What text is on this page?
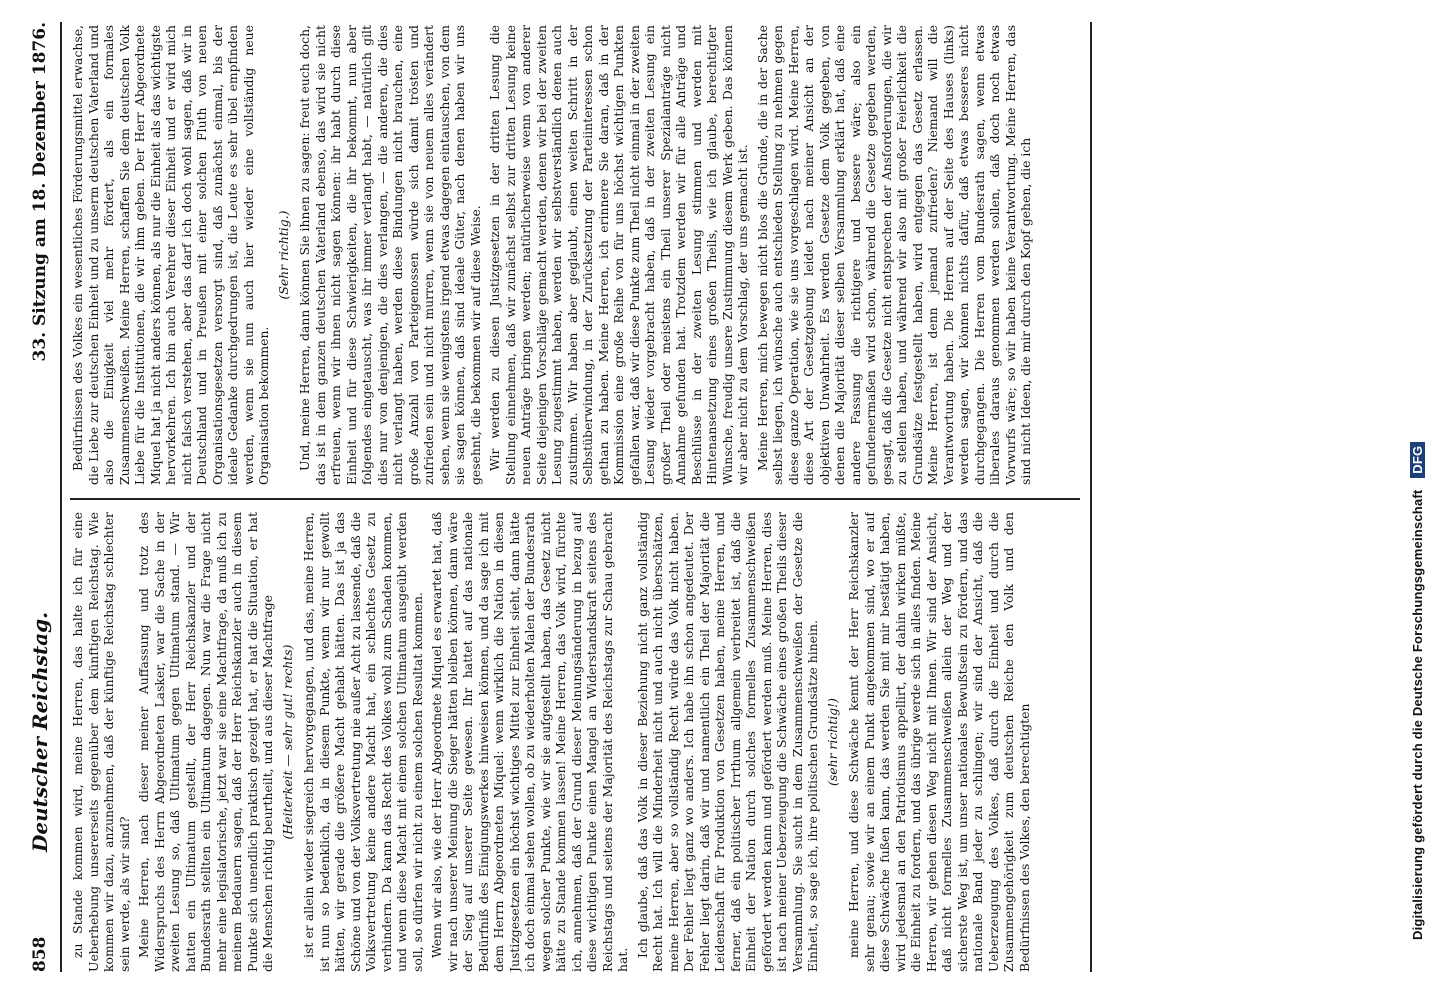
858
Deutscher Reichstag.
33. Sitzung am 18. Dezember 1876.

zu Stande kommen wird, meine Herren, das halte ich für eine Ueberhebung unsererseits gegenüber dem künftigen Reichstag. Wie kommen wir dazu, anzunehmen, daß der künftige Reichstag schlechter sein werde, als wir sind? Meine Herren, nach dieser meiner Auffassung und trotz des Widerspruchs des Herrn Abgeordneten Lasker, war die Sache in der zweiten Lesung so, daß Ultimatum gegen Ultimatum stand. — Wir hatten ein Ultimatum gestellt, der Herr Reichskanzler und der Bundesrath stellten ein Ultimatum dagegen. Nun war die Frage nicht mehr eine legislatorische, jetzt war sie eine Machtfrage, da muß ich zu meinem Bedauern sagen, daß der Herr Reichskanzler auch in diesem Punkte sich unendlich praktisch gezeigt hat, er hat die Situation, er hat die Menschen richtig beurtheilt, und aus dieser Machtfrage (Heiterkeit — sehr gut! rechts) ist er allein wieder siegreich hervorgegangen, und das, meine Herren, ist nun so bedenklich, da in diesem Punkte, wenn wir nur gewollt hätten, wir gerade die größere Macht gehabt hätten. Das ist ja das Schöne und von der Volksvertretung nie außer Acht zu lassende, daß die Volksvertretung keine andere Macht hat, ein schlechtes Gesetz zu verhindern. Da kann das Recht des Volkes wohl zum Schaden kommen, und wenn diese Macht mit einem solchen Ultimatum ausgeübt werden soll, so dürfen wir nicht zu einem solchen Resultat kommen. Wenn wir also, wie der Herr Abgeordnete Miquel es erwartet hat, daß wir nach unserer Meinung die Sieger hätten bleiben können, dann wäre der Sieg auf unserer Seite gewesen. Ihr hattet auf das nationale Bedürfniß des Einigungswerkes hinweisen können, und da sage ich mit dem Herrn Abgeordneten Miquel: wenn wirklich die Nation in diesen Justizgesetzen ein höchst wichtiges Mittel zur Einheit sieht, dann hätte ich doch einmal sehen wollen, ob zu wiederholten Malen der Bundesrath wegen solcher Punkte, wie wir sie aufgestellt haben, das Gesetz nicht hätte zu Stande kommen lassen! Meine Herren, das Volk wird, fürchte ich, annehmen, daß der Grund dieser Meinungsänderung in bezug auf diese wichtigen Punkte einen Mangel an Widerstandskraft seitens des Reichstags und seitens der Majorität des Reichstags zur Schau gebracht hat.

Ich glaube, daß das Volk in dieser Beziehung nicht ganz vollständig Recht hat. Ich will die Minderheit nicht und auch nicht überschätzen, meine Herren, aber so vollständig Recht würde das Volk nicht haben. Der Fehler liegt ganz wo anders. Ich habe ihn schon angedeutet. Der Fehler liegt darin, daß wir und namentlich ein Theil der Majorität die Leidenschaft für Produktion von Gesetzen haben, meine Herren, und ferner, daß ein politischer Irrthum allgemein verbreitet ist, daß die Einheit der Nation durch solches formelles Zusammenschweißen gefördert werden kann und gefördert werden muß. Meine Herren, dies ist nach meiner Ueberzeugung die Schwäche eines großen Theils dieser Versammlung. Sie sucht in dem Zusammenschweißen der Gesetze die Einheit, so sage ich, ihre politischen Grundsätze hinein. (sehr richtig!) meine Herren, und diese Schwäche kennt der Herr Reichskanzler sehr genau; sowie wir an einem Punkt angekommen sind, wo er auf diese Schwäche fußen kann, das werden Sie mit mir bestätigt haben, wird jedesmal an den Patriotismus appellirt, der dahin wirken müßte, die Einheit zu fordern, und das übrige werde sich in alles finden. Meine Herren, wir gehen diesen Weg nicht mit Ihnen. Wir sind der Ansicht, daß nicht formelles Zusammenschweißen allein der Weg und der sicherste Weg ist, um unser nationales Bewußtsein zu fördern, und das nationale Band jeder zu schlingen; wir sind der Ansicht, daß die Ueberzeugung des Volkes, daß durch die Einheit und durch die Zusammengehörigkeit zum deutschen Reiche den Volk und den Bedürfnissen des Volkes, den berechtigten

Bedürfnissen des Volkes ein wesentliches Förderungsmittel erwachse, die Liebe zur deutschen Einheit und zu unserm deutschen Vaterland und also die Einigkeit viel mehr fördert, als ein formales Zusammenschweißen. Meine Herren, schaffen Sie dem deutschen Volk Liebe für die Institutionen, die wir ihm geben. Der Herr Abgeordnete Miquel hat ja nicht anders können, als nur die Einheit als das wichtigste hervorkehren. Ich bin auch Verehrer dieser Einheit und er wird mich nicht falsch verstehen, aber das darf ich doch wohl sagen, daß wir in Deutschland und in Preußen mit einer solchen Fluth von neuen Organisationsgesetzen versorgt sind, daß zunächst einmal, bis der ideale Gedanke durchgedrungen ist, die Leute es sehr übel empfinden werden, wenn sie nun auch hier wieder eine vollständig neue Organisation bekommen.

(Sehr richtig.) Und, meine Herren, dann können Sie ihnen zu sagen: freut euch doch, das ist in dem ganzen deutschen Vaterland ebenso, das wird sie nicht erfreuen, wenn wir ihnen nicht sagen können: ihr habt durch diese Einheit und für diese Schwierigkeiten, die ihr bekommt, nun aber folgendes eingetauscht, was ihr immer verlangt habt, — natürlich gilt dies nur von denjenigen, die dies verlangen, — die anderen, die dies nicht verlangt haben, werden diese Bindungen nicht brauchen, eine große Anzahl von Parteigenossen würde sich damit trösten und zufrieden sein und nicht murren, wenn sie von neuem alles verändert sehen, wenn sie wenigstens irgend etwas dagegen eintauschen, von dem sie sagen können, daß sind ideale Güter, nach denen haben wir uns gesehnt, die bekommen wir auf diese Weise. Wir werden zu diesen Justizgesetzen in der dritten Lesung die Stellung einnehmen, daß wir zunächst selbst zur dritten Lesung keine neuen Anträge bringen werden; natürlicherweise wenn von anderer Seite diejenigen Vorschläge gemacht werden, denen wir bei der zweiten Lesung zugestimmt haben, werden wir selbstverständlich denen auch zustimmen. Wir haben aber geglaubt, einen weiten Schritt in der Selbstüberwindung, in der Zurücksetzung der Parteiinteressen schon gethan zu haben. Meine Herren, ich erinnere Sie daran, daß in der Kommission eine große Reihe von für uns höchst wichtigen Punkten gefallen war, daß wir diese Punkte zum Theil nicht einmal in der zweiten Lesung wieder vorgebracht haben, daß in der zweiten Lesung ein großer Theil oder meistens ein Theil unserer Spezialanträge nicht Annahme gefunden hat. Trotzdem werden wir für alle Anträge und Beschlüsse in der zweiten Lesung stimmen und werden mit Hintenansetzung eines großen Theils, wie ich glaube, berechtigter Wünsche, freudig unsere Zustimmung diesem Werk geben. Das können wir aber nicht zu dem Vorschlag, der uns gemacht ist. Meine Herren, mich bewegen nicht blos die Gründe, die in der Sache selbst liegen, ich wünsche auch entschieden Stellung zu nehmen gegen diese ganze Operation, wie sie uns vorgeschlagen wird. Meine Herren, diese Art der Gesetzgebung leidet nach meiner Ansicht an der objektiven Unwahrheit. Es werden Gesetze dem Volk gegeben, von denen die Majorität dieser selben Versammlung erklärt hat, daß eine andere Fassung die richtigere und bessere wäre; also ein gefundenermaßen wird schon, während die Gesetze gegeben werden, gesagt, daß die Gesetze nicht entsprechen der Ansforderungen, die wir zu stellen haben, und während wir also mit großer Feierlichkeit die Grundsätze festgestellt haben, wird entgegen das Gesetz erlassen. Meine Herren, ist denn jemand zufrieden? Niemand will die Verantwortung haben. Die Herren auf der Seite des Hauses (links) werden sagen, wir können nichts dafür, daß etwas besseres nicht durchgegangen. Die Herren vom Bundesrath sagen, wenn etwas liberales daraus genommen werden sollen, daß doch noch etwas Vorwurfs wäre; so wir haben keine Verantwortung. Meine Herren, das sind nicht Ideen, die mir durch den Kopf gehen, die ich

Digitalisierung gefördert durch die Deutsche Forschungsgemeinschaft DFG
